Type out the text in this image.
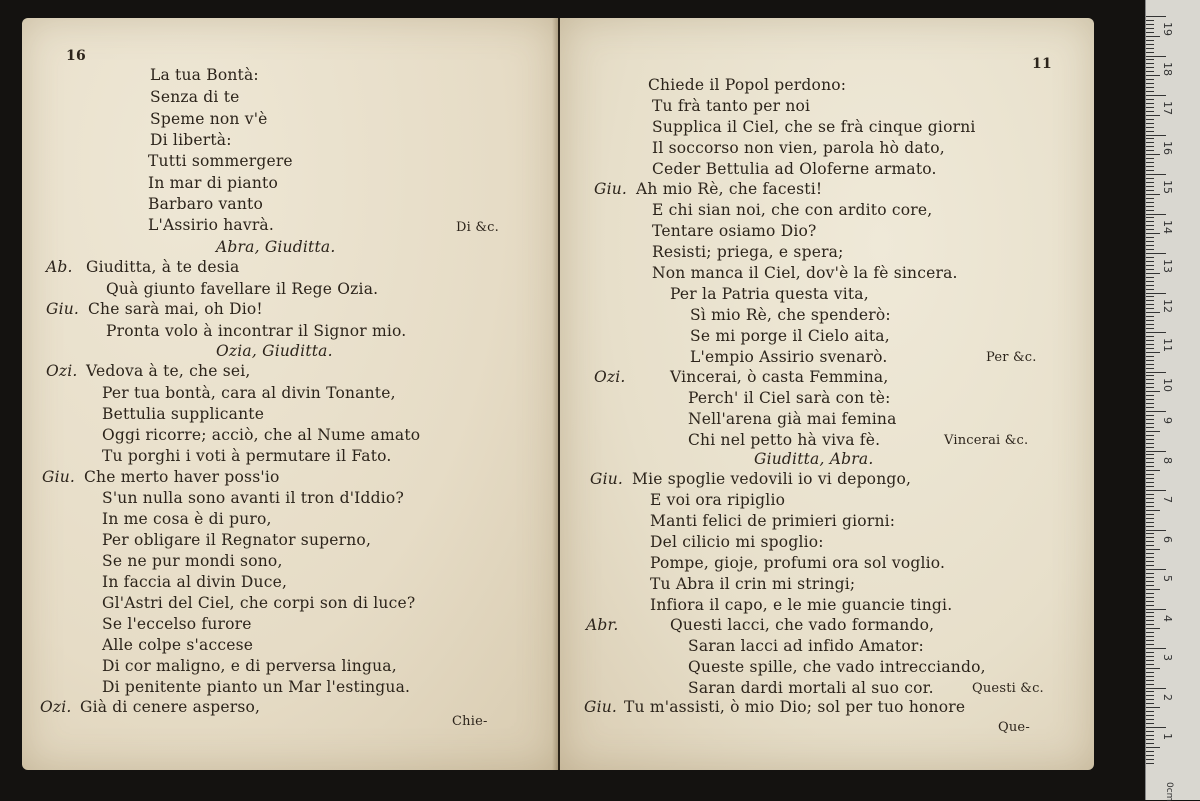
16
La tua Bontà:
Senza di te
Speme non v'è
Di libertà:
Tutti sommergere
In mar di pianto
Barbaro vanto
L'Assirio havrà.	Di &c.
Abra, Giuditta.
Ab. Giuditta, à te desia
Quà giunto favellare il Rege Ozia.
Giu. Che sarà mai, oh Dio!
Pronta volo à incontrar il Signor mio.
Ozia, Giuditta.
Ozi. Vedova à te, che sei,
Per tua bontà, cara al divin Tonante,
Bettulia supplicante
Oggi ricorre; acciò, che al Nume amato
Tu porghi i voti à permutare il Fato.
Giu. Che merto haver poss'io
S'un nulla sono avanti il tron d'Iddio?
In me cosa è di puro,
Per obligare il Regnator superno,
Se ne pur mondi sono,
In faccia al divin Duce,
Gl'Astri del Ciel, che corpi son di luce?
Se l'eccelso furore
Alle colpe s'accese
Di cor maligno, e di perversa lingua,
Di penitente pianto un Mar l'estingua.
Ozi. Già di cenere asperso,
Chie-
11
Chiede il Popol perdono:
Tu frà tanto per noi
Supplica il Ciel, che se frà cinque giorni
Il soccorso non vien, parola hò dato,
Ceder Bettulia ad Oloferne armato.
Giu. Ah mio Rè, che facesti!
E chi sian noi, che con ardito core,
Tentare osiamo Dio?
Resisti; priega, e spera;
Non manca il Ciel, dov'è la fè sincera.
Per la Patria questa vita,
Sì mio Rè, che spenderò:
Se mi porge il Cielo aita,
L'empio Assirio svenarò.	Per &c.
Ozi.	Vincerai, ò casta Femmina,
Perch' il Ciel sarà con tè:
Nell'arena già mai femina
Chi nel petto hà viva fè.	Vincerai &c.
Giuditta, Abra.
Giu. Mie spoglie vedovili io vi depongo,
E voi ora ripiglio
Manti felici de primieri giorni:
Del cilicio mi spoglio:
Pompe, gioje, profumi ora sol voglio.
Tu Abra il crin mi stringi;
Infiora il capo, e le mie guancie tingi.
Abr.	Questi lacci, che vado formando,
Saran lacci ad infido Amator:
Queste spille, che vado intrecciando,
Saran dardi mortali al suo cor.	Questi &c.
Giu. Tu m'assisti, ò mio Dio; sol per tuo honore
Que-
19
18
17
16
15
14
13
12
11
10
9
8
7
6
5
4
3
2
1
0cm
